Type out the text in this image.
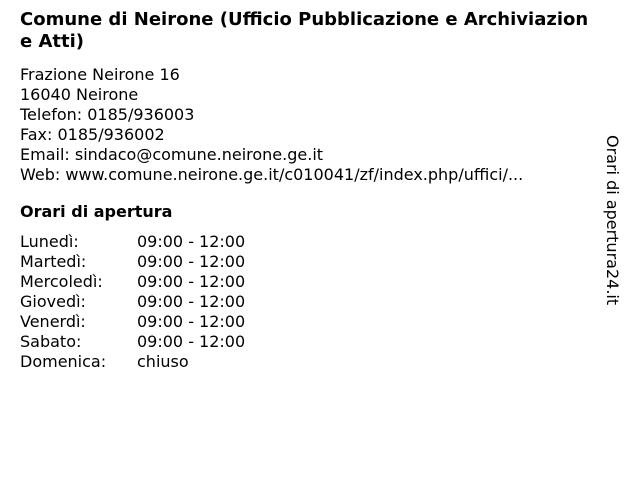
Comune di Neirone (Ufficio Pubblicazione e Archiviazione Atti)
Frazione Neirone 16
16040 Neirone
Telefon: 0185/936003
Fax: 0185/936002
Email: sindaco@comune.neirone.ge.it
Web: www.comune.neirone.ge.it/c010041/zf/index.php/uffici/...
Orari di apertura
Lunedì:	09:00 - 12:00
Martedì:	09:00 - 12:00
Mercoledì:	09:00 - 12:00
Giovedì:	09:00 - 12:00
Venerdì:	09:00 - 12:00
Sabato:	09:00 - 12:00
Domenica:	chiuso
Orari di apertura24.it
